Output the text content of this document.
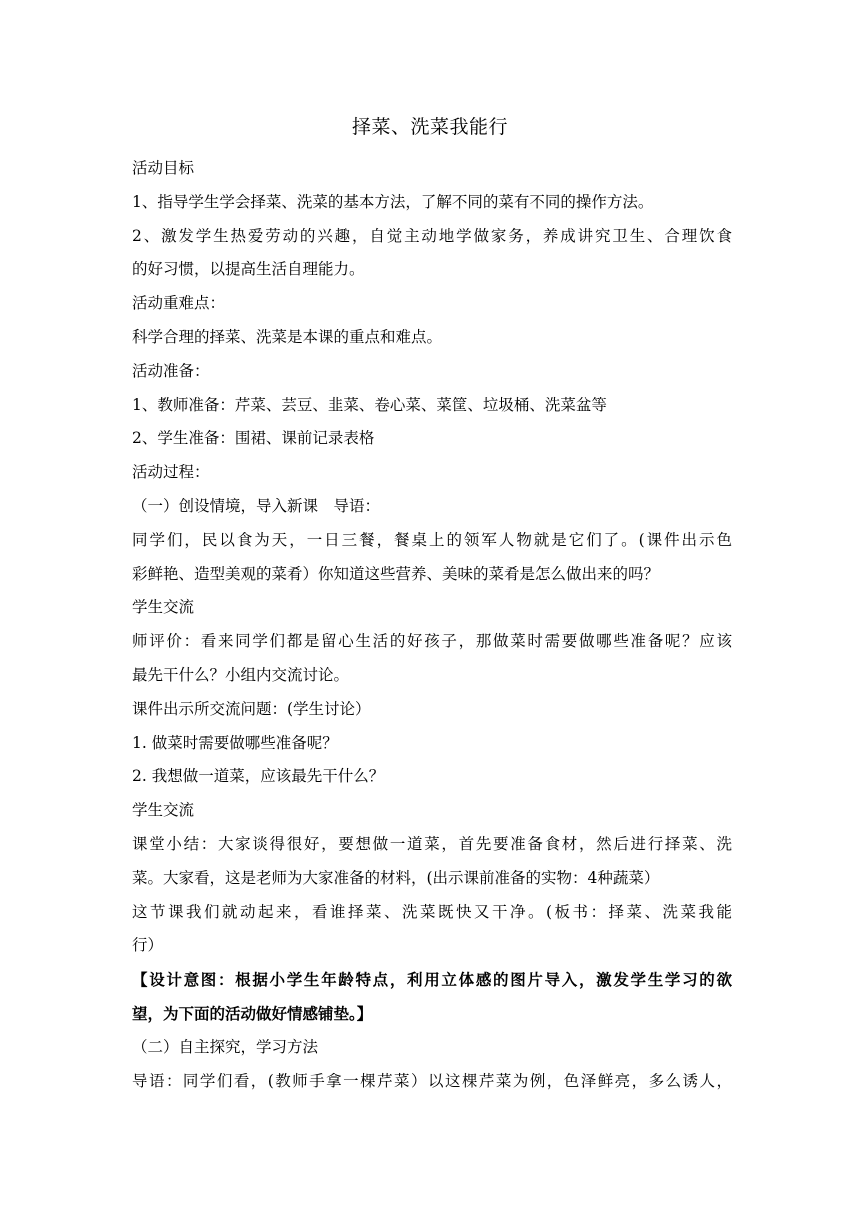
择菜、洗菜我能行
活动目标
1、指导学生学会择菜、洗菜的基本方法，了解不同的菜有不同的操作方法。
2、激发学生热爱劳动的兴趣，自觉主动地学做家务，养成讲究卫生、合理饮食
的好习惯，以提高生活自理能力。
活动重难点：
科学合理的择菜、洗菜是本课的重点和难点。
活动准备：
1、教师准备：芹菜、芸豆、韭菜、卷心菜、菜筐、垃圾桶、洗菜盆等
2、学生准备：围裙、课前记录表格
活动过程：
（一）创设情境，导入新课　导语：
同学们，民以食为天，一日三餐，餐桌上的领军人物就是它们了。(课件出示色
彩鲜艳、造型美观的菜肴）你知道这些营养、美味的菜肴是怎么做出来的吗？
学生交流
师评价：看来同学们都是留心生活的好孩子，那做菜时需要做哪些准备呢？应该
最先干什么？小组内交流讨论。
课件出示所交流问题：(学生讨论）
1. 做菜时需要做哪些准备呢？
2. 我想做一道菜，应该最先干什么？
学生交流
课堂小结：大家谈得很好，要想做一道菜，首先要准备食材，然后进行择菜、洗
菜。大家看，这是老师为大家准备的材料，(出示课前准备的实物：4种蔬菜）
这节课我们就动起来，看谁择菜、洗菜既快又干净。(板书：择菜、洗菜我能
行）
【设计意图：根据小学生年龄特点，利用立体感的图片导入，激发学生学习的欲
望，为下面的活动做好情感铺垫。】
（二）自主探究，学习方法
导语：同学们看，(教师手拿一棵芹菜）以这棵芹菜为例，色泽鲜亮，多么诱人，
